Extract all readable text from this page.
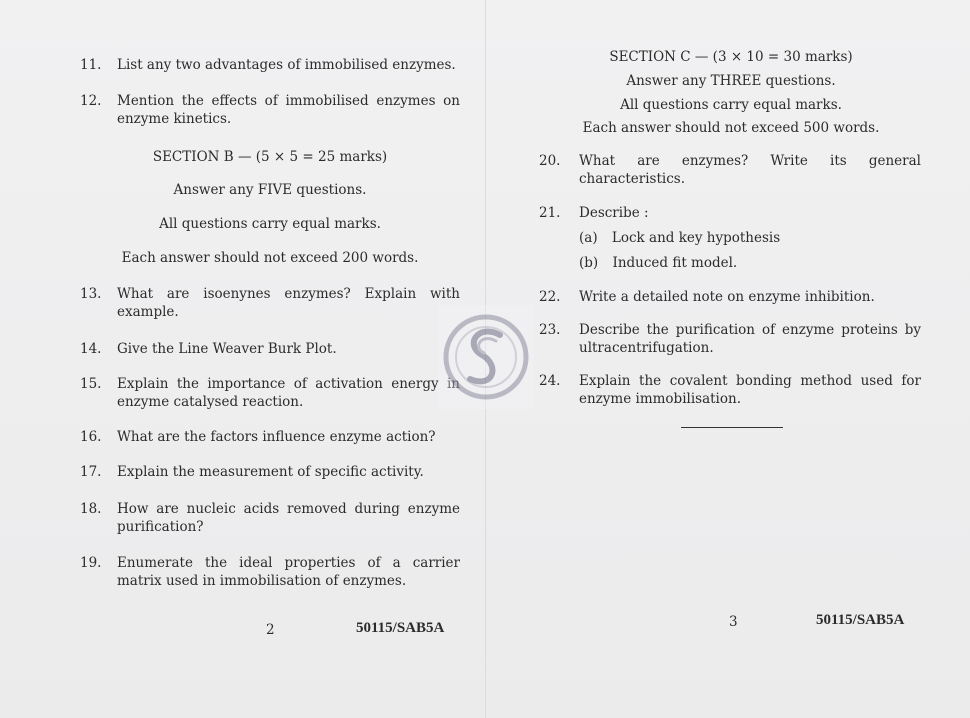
11. List any two advantages of immobilised enzymes.
12. Mention the effects of immobilised enzymes on enzyme kinetics.
SECTION B — (5 × 5 = 25 marks)
Answer any FIVE questions.
All questions carry equal marks.
Each answer should not exceed 200 words.
13. What are isoenynes enzymes? Explain with example.
14. Give the Line Weaver Burk Plot.
15. Explain the importance of activation energy in enzyme catalysed reaction.
16. What are the factors influence enzyme action?
17. Explain the measurement of specific activity.
18. How are nucleic acids removed during enzyme purification?
19. Enumerate the ideal properties of a carrier matrix used in immobilisation of enzymes.
2	50115/SAB5A
SECTION C — (3 × 10 = 30 marks)
Answer any THREE questions.
All questions carry equal marks.
Each answer should not exceed 500 words.
20. What are enzymes? Write its general characteristics.
21. Describe :
(a) Lock and key hypothesis
(b) Induced fit model.
22. Write a detailed note on enzyme inhibition.
23. Describe the purification of enzyme proteins by ultracentrifugation.
24. Explain the covalent bonding method used for enzyme immobilisation.
3	50115/SAB5A
